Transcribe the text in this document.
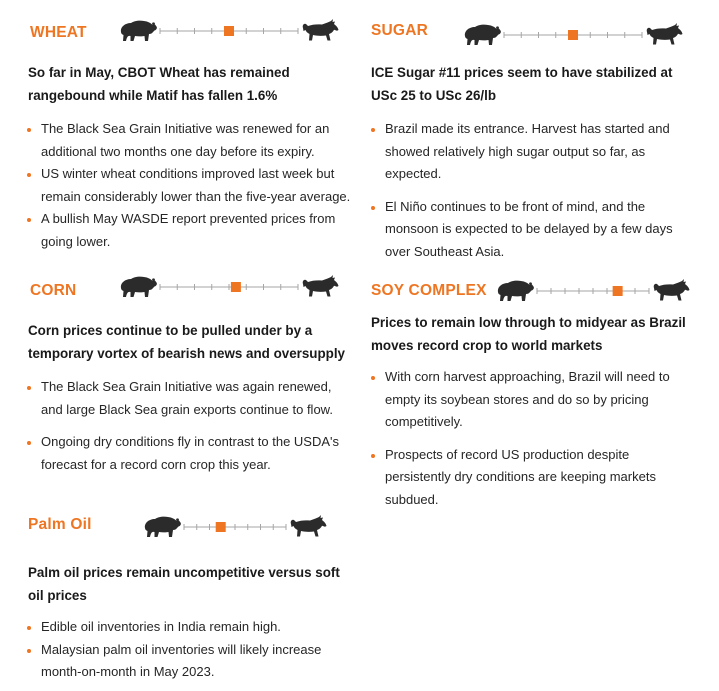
WHEAT
So far in May, CBOT Wheat has remained rangebound while Matif has fallen 1.6%
The Black Sea Grain Initiative was renewed for an additional two months one day before its expiry.
US winter wheat conditions improved last week but remain considerably lower than the five-year average.
A bullish May WASDE report prevented prices from going lower.
SUGAR
ICE Sugar #11 prices seem to have stabilized at USc 25 to USc 26/lb
Brazil made its entrance. Harvest has started and showed relatively high sugar output so far, as expected.
El Niño continues to be front of mind, and the monsoon is expected to be delayed by a few days over Southeast Asia.
CORN
Corn prices continue to be pulled under by a temporary vortex of bearish news and oversupply
The Black Sea Grain Initiative was again renewed, and large Black Sea grain exports continue to flow.
Ongoing dry conditions fly in contrast to the USDA's forecast for a record corn crop this year.
SOY COMPLEX
Prices to remain low through to midyear as Brazil moves record crop to world markets
With corn harvest approaching, Brazil will need to empty its soybean stores and do so by pricing competitively.
Prospects of record US production despite persistently dry conditions are keeping markets subdued.
Palm Oil
Palm oil prices remain uncompetitive versus soft oil prices
Edible oil inventories in India remain high.
Malaysian palm oil inventories will likely increase month-on-month in May 2023.
